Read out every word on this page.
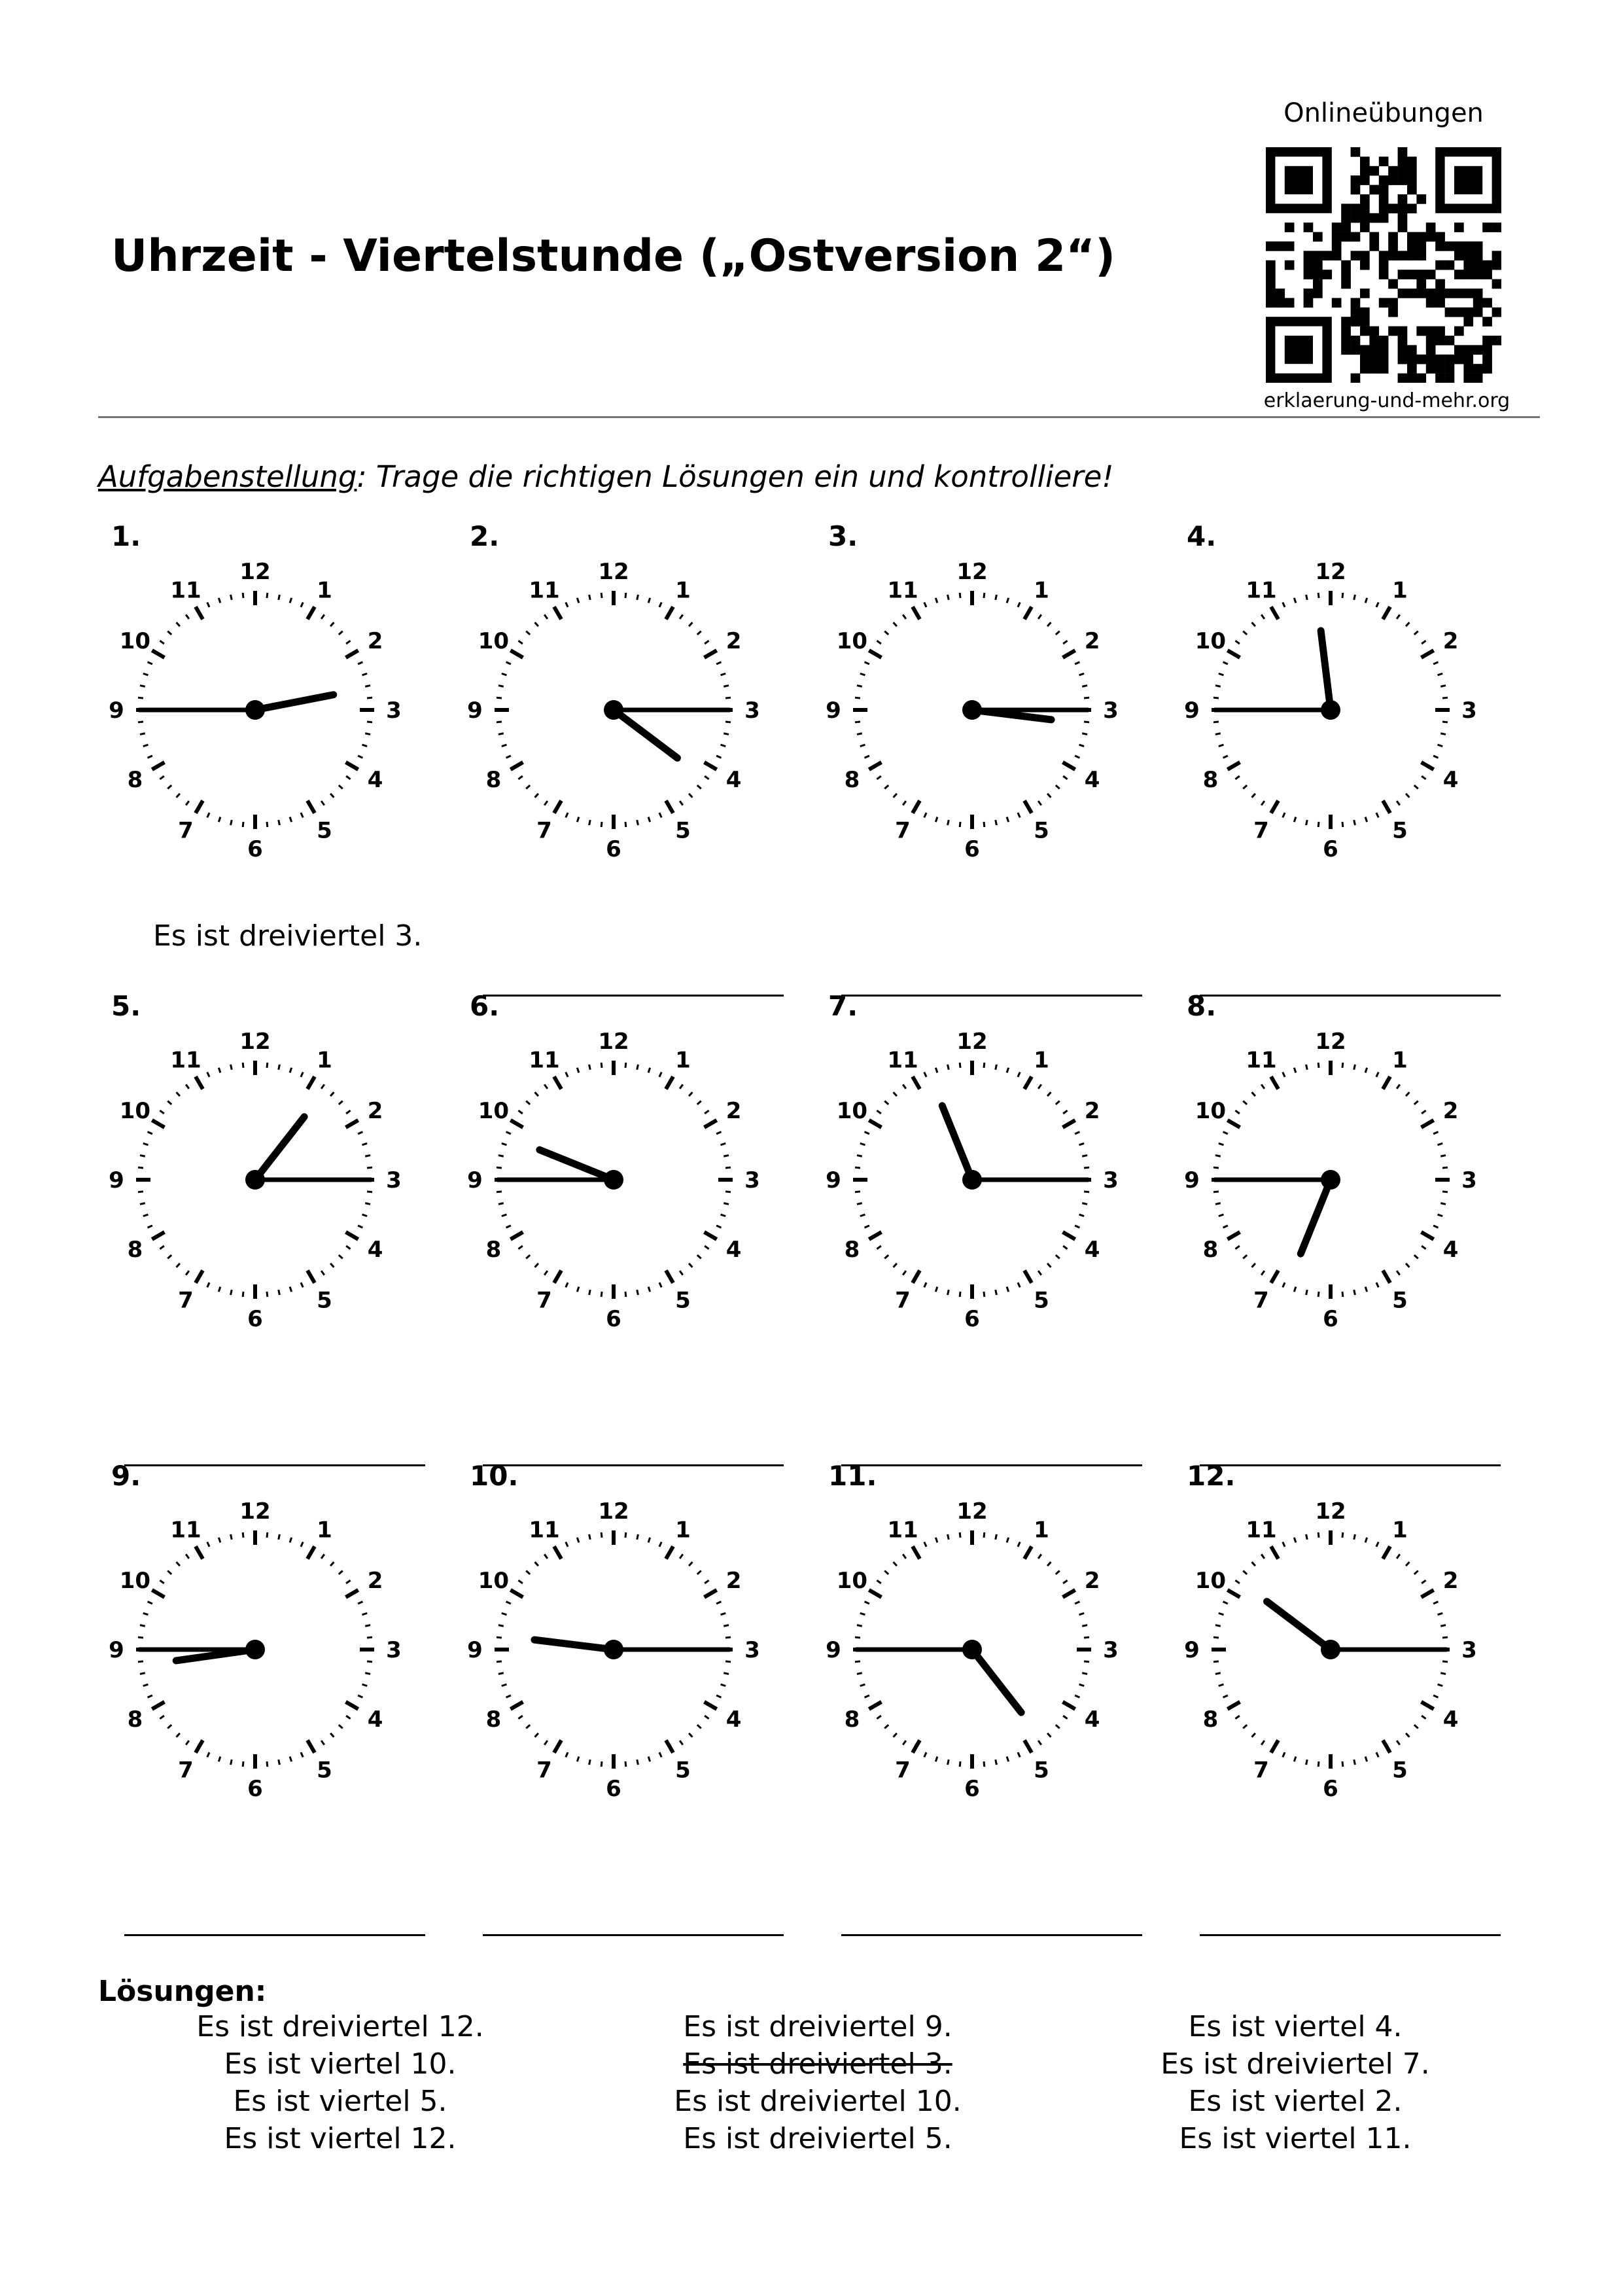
Onlineübungen
erklaerung-und-mehr.org
Uhrzeit - Viertelstunde („Ostversion 2“)
Aufgabenstellung: Trage die richtigen Lösungen ein und kontrolliere!
1.
12
1
2
3
4
5
6
7
8
9
10
11
Es ist dreiviertel 3.
2.
12
1
2
3
4
5
6
7
8
9
10
11
3.
12
1
2
3
4
5
6
7
8
9
10
11
4.
12
1
2
3
4
5
6
7
8
9
10
11
5.
12
1
2
3
4
5
6
7
8
9
10
11
6.
12
1
2
3
4
5
6
7
8
9
10
11
7.
12
1
2
3
4
5
6
7
8
9
10
11
8.
12
1
2
3
4
5
6
7
8
9
10
11
9.
12
1
2
3
4
5
6
7
8
9
10
11
10.
12
1
2
3
4
5
6
7
8
9
10
11
11.
12
1
2
3
4
5
6
7
8
9
10
11
12.
12
1
2
3
4
5
6
7
8
9
10
11
Lösungen:
Es ist dreiviertel 12.
Es ist viertel 10.
Es ist viertel 5.
Es ist viertel 12.
Es ist dreiviertel 9.
Es ist dreiviertel 3.
Es ist dreiviertel 10.
Es ist dreiviertel 5.
Es ist viertel 4.
Es ist dreiviertel 7.
Es ist viertel 2.
Es ist viertel 11.
